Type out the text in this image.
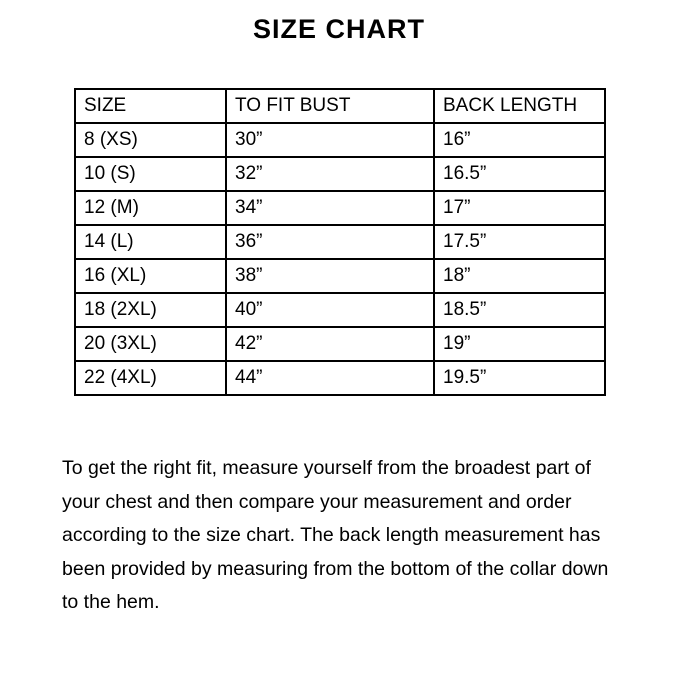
SIZE CHART
SIZE	TO FIT BUST	BACK LENGTH
8 (XS)	30”	16”
10 (S)	32”	16.5”
12 (M)	34”	17”
14 (L)	36”	17.5”
16 (XL)	38”	18”
18 (2XL)	40”	18.5”
20 (3XL)	42”	19”
22 (4XL)	44”	19.5”

To get the right fit, measure yourself from the broadest part of your chest and then compare your measurement and order according to the size chart. The back length measurement has been provided by measuring from the bottom of the collar down to the hem.
